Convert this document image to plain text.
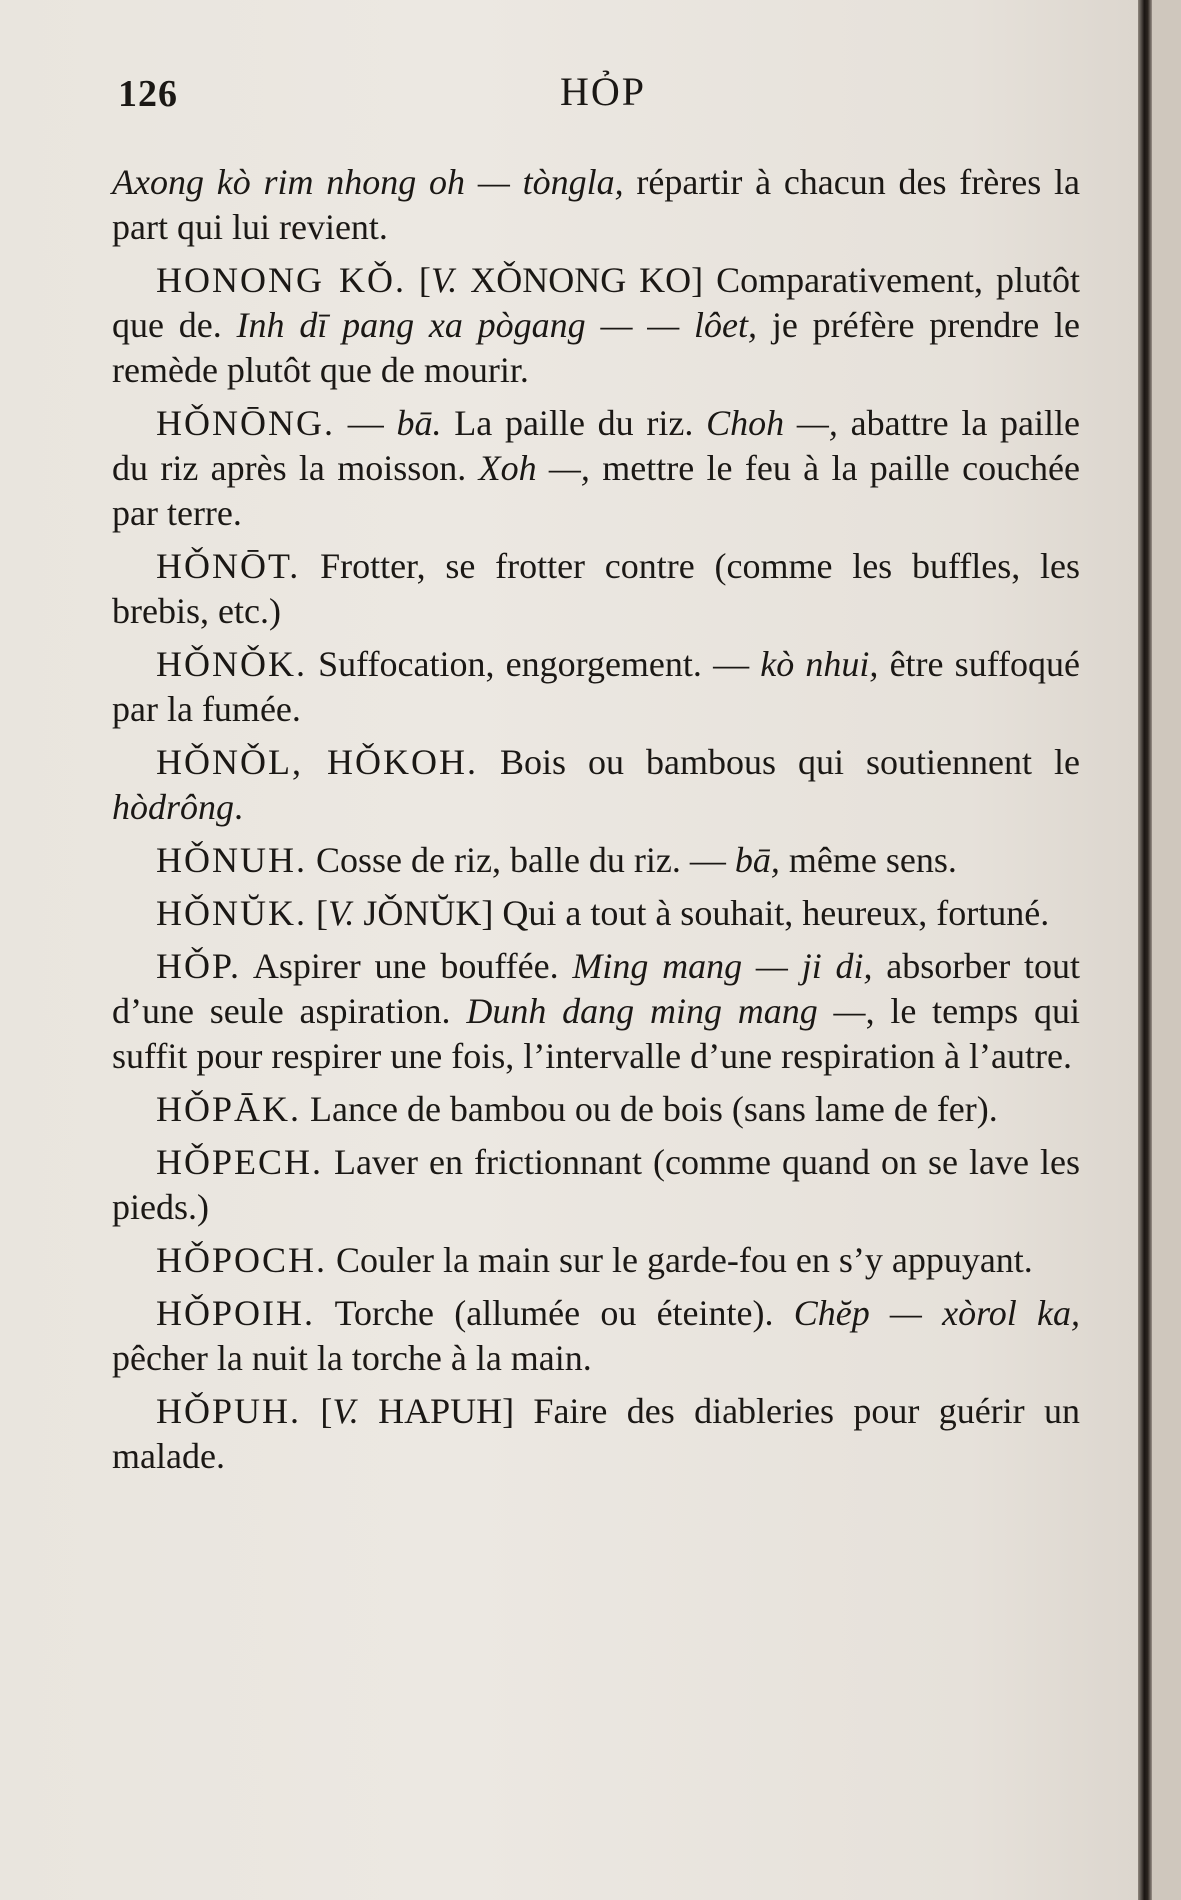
126	HỎP

Axong kò rim nhong oh — tòngla, répartir à chacun des frères la part qui lui revient.

HONONG KǑ. [V. XǑNONG KO] Comparativement, plutôt que de. Inh dī pang xa pògang — — lôet, je préfère prendre le remède plutôt que de mourir.

HǑNŌNG. — bā. La paille du riz. Choh —, abattre la paille du riz après la moisson. Xoh —, mettre le feu à la paille couchée par terre.

HǑNŌT. Frotter, se frotter contre (comme les buffles, les brebis, etc.)

HǑNǑK. Suffocation, engorgement. — kò nhui, être suffoqué par la fumée.

HǑNǑL, HǑKOH. Bois ou bambous qui soutiennent le hòdrông.

HǑNUH. Cosse de riz, balle du riz. — bā, même sens.

HǑNŬK. [V. JǑNŬK] Qui a tout à souhait, heureux, fortuné.

HǑP. Aspirer une bouffée. Ming mang — ji di, absorber tout d’une seule aspiration. Dunh dang ming mang —, le temps qui suffit pour respirer une fois, l’intervalle d’une respiration à l’autre.

HǑPĀK. Lance de bambou ou de bois (sans lame de fer).

HǑPECH. Laver en frictionnant (comme quand on se lave les pieds.)

HǑPOCH. Couler la main sur le garde-fou en s’y appuyant.

HǑPOIH. Torche (allumée ou éteinte). Chĕp — xòrol ka, pêcher la nuit la torche à la main.

HǑPUH. [V. HAPUH] Faire des diableries pour guérir un malade.
